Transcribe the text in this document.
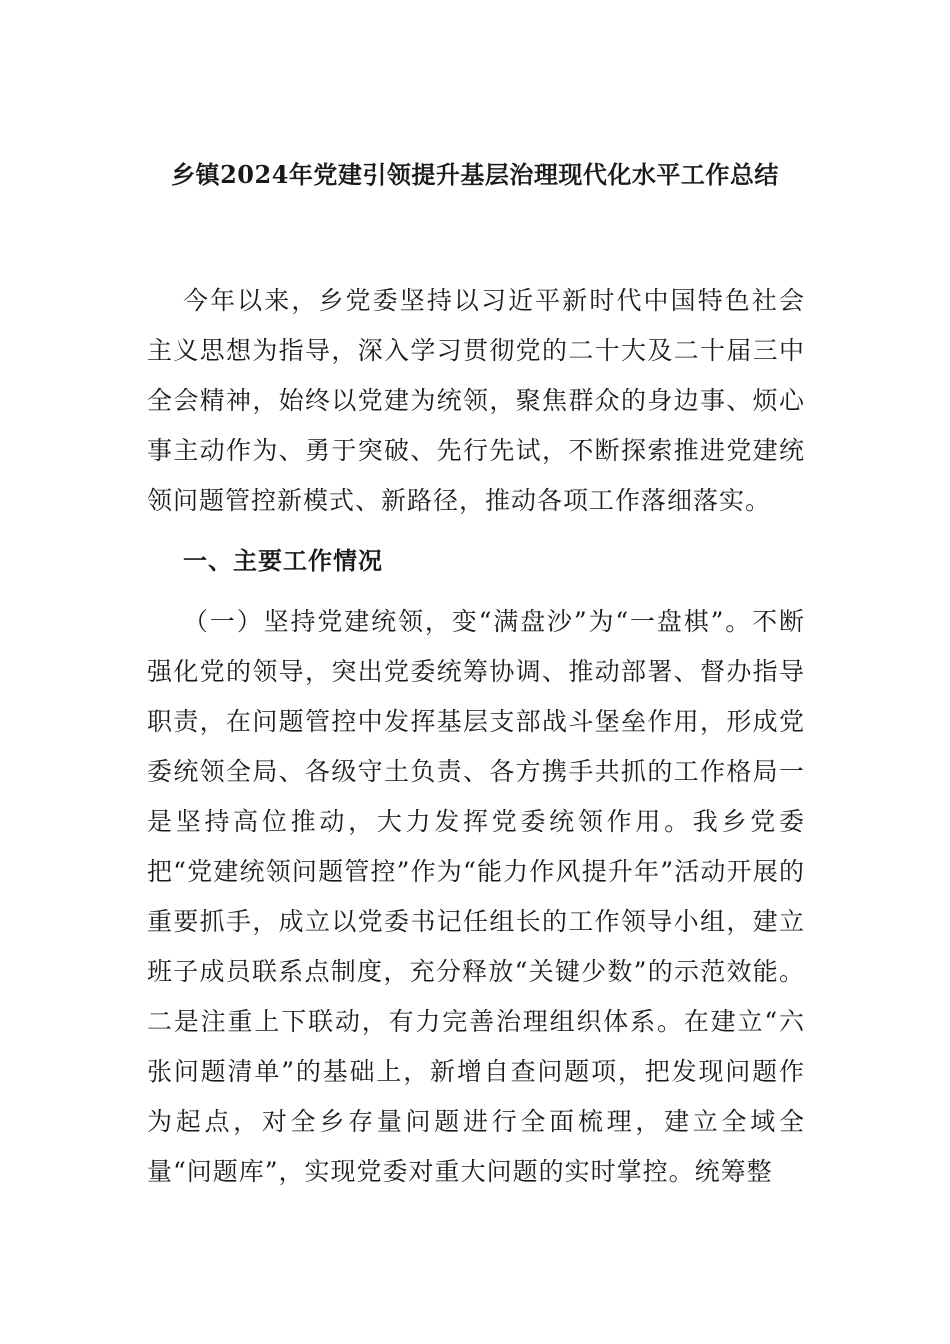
乡镇2024年党建引领提升基层治理现代化水平工作总结

今年以来，乡党委坚持以习近平新时代中国特色社会主义思想为指导，深入学习贯彻党的二十大及二十届三中全会精神，始终以党建为统领，聚焦群众的身边事、烦心事主动作为、勇于突破、先行先试，不断探索推进党建统领问题管控新模式、新路径，推动各项工作落细落实。

一、主要工作情况

（一）坚持党建统领，变“满盘沙”为“一盘棋”。不断强化党的领导，突出党委统筹协调、推动部署、督办指导职责，在问题管控中发挥基层支部战斗堡垒作用，形成党委统领全局、各级守土负责、各方携手共抓的工作格局一是坚持高位推动，大力发挥党委统领作用。我乡党委把“党建统领问题管控”作为“能力作风提升年”活动开展的重要抓手，成立以党委书记任组长的工作领导小组，建立班子成员联系点制度，充分释放“关键少数”的示范效能。二是注重上下联动，有力完善治理组织体系。在建立“六张问题清单”的基础上，新增自查问题项，把发现问题作为起点，对全乡存量问题进行全面梳理，建立全域全量“问题库”，实现党委对重大问题的实时掌控。统筹整
